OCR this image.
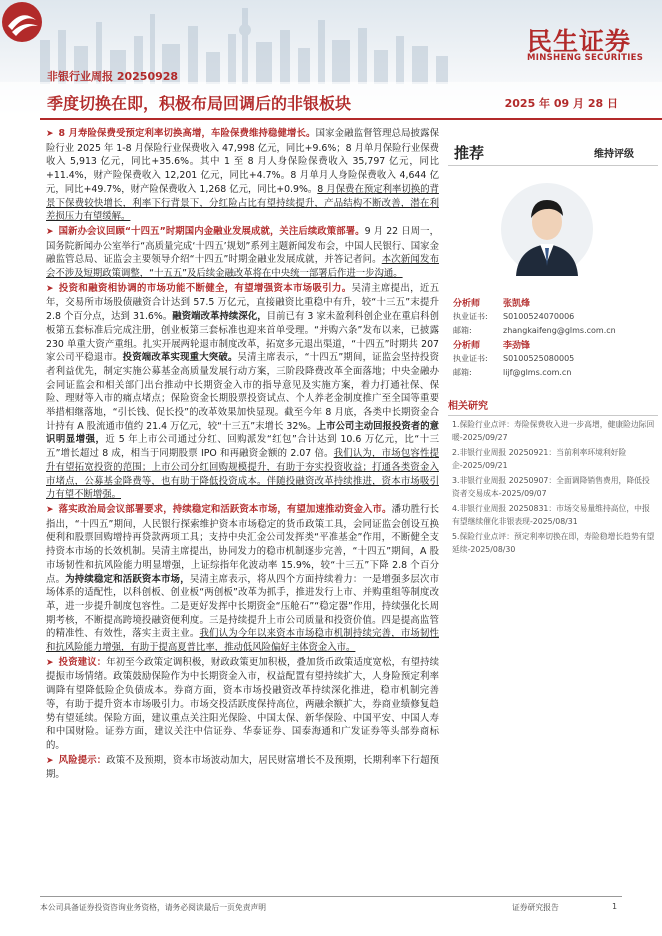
非银行业周报 20250928
民生证券
MINSHENG SECURITIES
季度切换在即，积极布局回调后的非银板块	2025 年 09 月 28 日
➤ 8 月寿险保费受预定利率切换高增，车险保费维持稳健增长。国家金融监督管理总局披露保险行业 2025 年 1-8 月保险行业保费收入 47,998 亿元，同比+9.6%；8 月单月保险行业保费收入 5,913 亿元，同比+35.6%。其中 1 至 8 月人身保险保费收入 35,797 亿元，同比+11.4%，财产险保费收入 12,201 亿元，同比+4.7%。8 月单月人身险保费收入 4,644 亿元，同比+49.7%，财产险保费收入 1,268 亿元，同比+0.9%。8 月保费在预定利率切换的背景下保费较快增长，利率下行背景下，分红险占比有望持续提升，产品结构不断改善，潜在利差损压力有望缓解。
➤ 国新办会议回顾“十四五”时期国内金融业发展成就，关注后续政策部署。9 月 22 日周一，国务院新闻办公室举行“高质量完成‘十四五’规划”系列主题新闻发布会，中国人民银行、国家金融监管总局、证监会主要领导介绍“十四五”时期金融业发展成就，并答记者问。本次新闻发布会不涉及短期政策调整，“十五五”及后续金融改革将在中央统一部署后作进一步沟通。
➤ 投资和融资相协调的市场功能不断健全，有望增强资本市场吸引力。吴清主席提出，近五年，交易所市场股债融资合计达到 57.5 万亿元，直接融资比重稳中有升，较“十三五”末提升 2.8 个百分点，达到 31.6%。融资端改革持续深化，目前已有 3 家未盈利科创企业在重启科创板第五套标准后完成注册，创业板第三套标准也迎来首单受理。“并购六条”发布以来，已披露 230 单重大资产重组。扎实开展两轮退市制度改革，拓宽多元退出渠道，“十四五”时期共 207 家公司平稳退市。投资端改革实现重大突破。吴清主席表示，“十四五”期间，证监会坚持投资者利益优先，制定实施公募基金高质量发展行动方案，三阶段降费改革全面落地；中央金融办会同证监会和相关部门出台推动中长期资金入市的指导意见及实施方案，着力打通社保、保险、理财等入市的痛点堵点；保险资金长期股票投资试点、个人养老金制度推广至全国等重要举措相继落地，“引长钱、促长投”的改革效果加快显现。截至今年 8 月底，各类中长期资金合计持有 A 股流通市值约 21.4 万亿元，较“十三五”末增长 32%。上市公司主动回报投资者的意识明显增强，近 5 年上市公司通过分红、回购派发“红包”合计达到 10.6 万亿元，比“十三五”增长超过 8 成，相当于同期股票 IPO 和再融资金额的 2.07 倍。我们认为，市场包容性提升有望拓宽投资的范围；上市公司分红回购规模提升，有助于夯实投资收益；打通各类资金入市堵点，公募基金降费等，也有助于降低投资成本。伴随投融资改革持续推进，资本市场吸引力有望不断增强。
➤ 落实政治局会议部署要求，持续稳定和活跃资本市场，有望加速推动资金入市。潘功胜行长指出，“十四五”期间，人民银行探索维护资本市场稳定的货币政策工具，会同证监会创设互换便利和股票回购增持再贷款两项工具；支持中央汇金公司发挥类“平准基金”作用，不断健全支持资本市场的长效机制。吴清主席提出，协同发力的稳市机制逐步完善，“十四五”期间，A 股市场韧性和抗风险能力明显增强，上证综指年化波动率 15.9%，较“十三五”下降 2.8 个百分点。为持续稳定和活跃资本市场，吴清主席表示，将从四个方面持续着力：一是增强多层次市场体系的适配性，以科创板、创业板“两创板”改革为抓手，推进发行上市、并购重组等制度改革，进一步提升制度包容性。二是更好发挥中长期资金“压舱石”“稳定器”作用，持续强化长周期考核，不断提高跨境投融资便利度。三是持续提升上市公司质量和投资价值。四是提高监管的精准性、有效性，落实主责主业。我们认为今年以来资本市场稳市机制持续完善，市场韧性和抗风险能力增强，有助于提高夏普比率，推动低风险偏好主体资金入市。
➤ 投资建议：年初至今政策定调积极，财政政策更加积极，叠加货币政策适度宽松，有望持续提振市场情绪。政策鼓励保险作为中长期资金入市，权益配置有望持续扩大，人身险预定利率调降有望降低险企负债成本。券商方面，资本市场投融资改革持续深化推进，稳市机制完善等，有助于提升资本市场吸引力。市场交投活跃度保持高位，两融余额扩大，券商业绩修复趋势有望延续。保险方面，建议重点关注阳光保险、中国太保、新华保险、中国平安、中国人寿和中国财险。证券方面，建议关注中信证券、华泰证券、国泰海通和广发证券等头部券商标的。
➤ 风险提示：政策不及预期，资本市场波动加大，居民财富增长不及预期，长期利率下行超预期。
推荐	维持评级
分析师	张凯烽
执业证书: S0100524070006
邮箱:	zhangkaifeng@glms.com.cn
分析师	李劲锋
执业证书: S0100525080005
邮箱:	lijf@glms.com.cn
相关研究
1.保险行业点评：寿险保费收入进一步高增，健康险边际回暖-2025/09/27
2.非银行业周报 20250921：当前利率环境利好险企-2025/09/21
3.非银行业周报 20250907：全面调降销售费用，降低投资者交易成本-2025/09/07
4.非银行业周报 20250831：市场交易量维持高位，中报有望继续催化非银表现-2025/08/31
5.保险行业点评：预定利率切换在即，寿险稳增长趋势有望延续-2025/08/30
本公司具备证券投资咨询业务资格，请务必阅读最后一页免责声明	证券研究报告	1
